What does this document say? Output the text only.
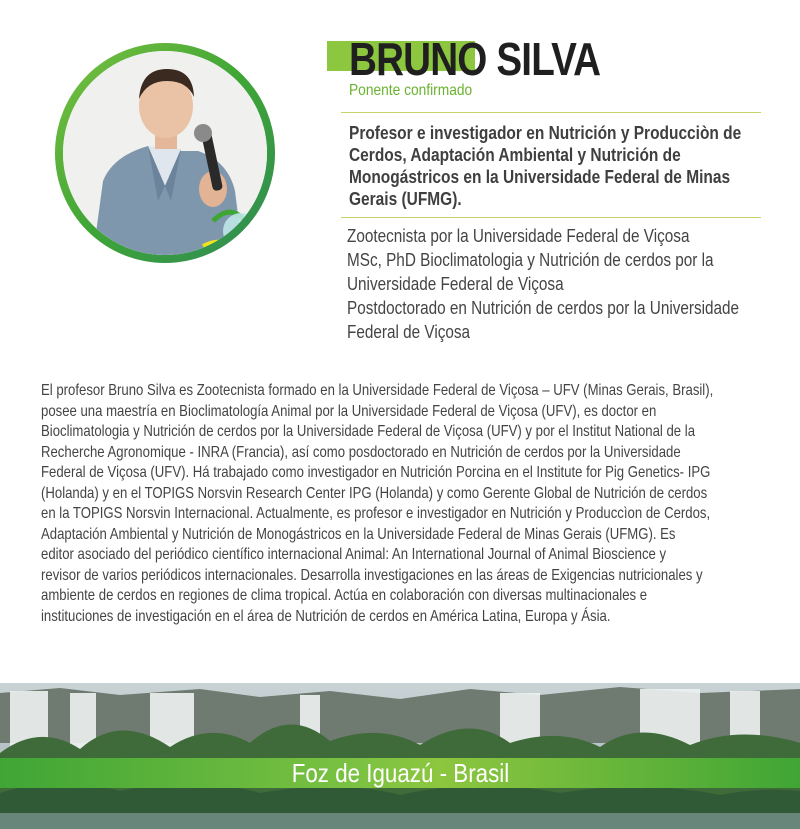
BRUNO SILVA
Ponente confirmado
Profesor e investigador en Nutrición y Producciòn de Cerdos, Adaptación Ambiental y Nutrición de Monogástricos en la Universidade Federal de Minas Gerais (UFMG).
Zootecnista por la Universidade Federal de Viçosa
MSc, PhD Bioclimatologia y Nutrición de cerdos por la
Universidade Federal de Viçosa
Postdoctorado en Nutrición de cerdos por la Universidade
Federal de Viçosa
El profesor Bruno Silva es Zootecnista formado en la Universidade Federal de Viçosa – UFV (Minas Gerais, Brasil),
posee una maestría en Bioclimatología Animal por la Universidade Federal de Viçosa (UFV), es doctor en
Bioclimatologia y Nutrición de cerdos por la Universidade Federal de Viçosa (UFV) y por el Institut National de la
Recherche Agronomique - INRA (Francia), así como posdoctorado en Nutrición de cerdos por la Universidade
Federal de Viçosa (UFV). Há trabajado como investigador en Nutrición Porcina en el Institute for Pig Genetics- IPG
(Holanda) y en el TOPIGS Norsvin Research Center IPG (Holanda) y como Gerente Global de Nutrición de cerdos
en la TOPIGS Norsvin Internacional. Actualmente, es profesor e investigador en Nutrición y Produccìon de Cerdos,
Adaptación Ambiental y Nutrición de Monogástricos en la Universidade Federal de Minas Gerais (UFMG). Es
editor asociado del periódico científico internacional Animal: An International Journal of Animal Bioscience y
revisor de varios periódicos internacionales. Desarrolla investigaciones en las áreas de Exigencias nutricionales y
ambiente de cerdos en regiones de clima tropical. Actúa en colaboración con diversas multinacionales e
instituciones de investigación en el área de Nutrición de cerdos en América Latina, Europa y Ásia.
Foz de Iguazú - Brasil
